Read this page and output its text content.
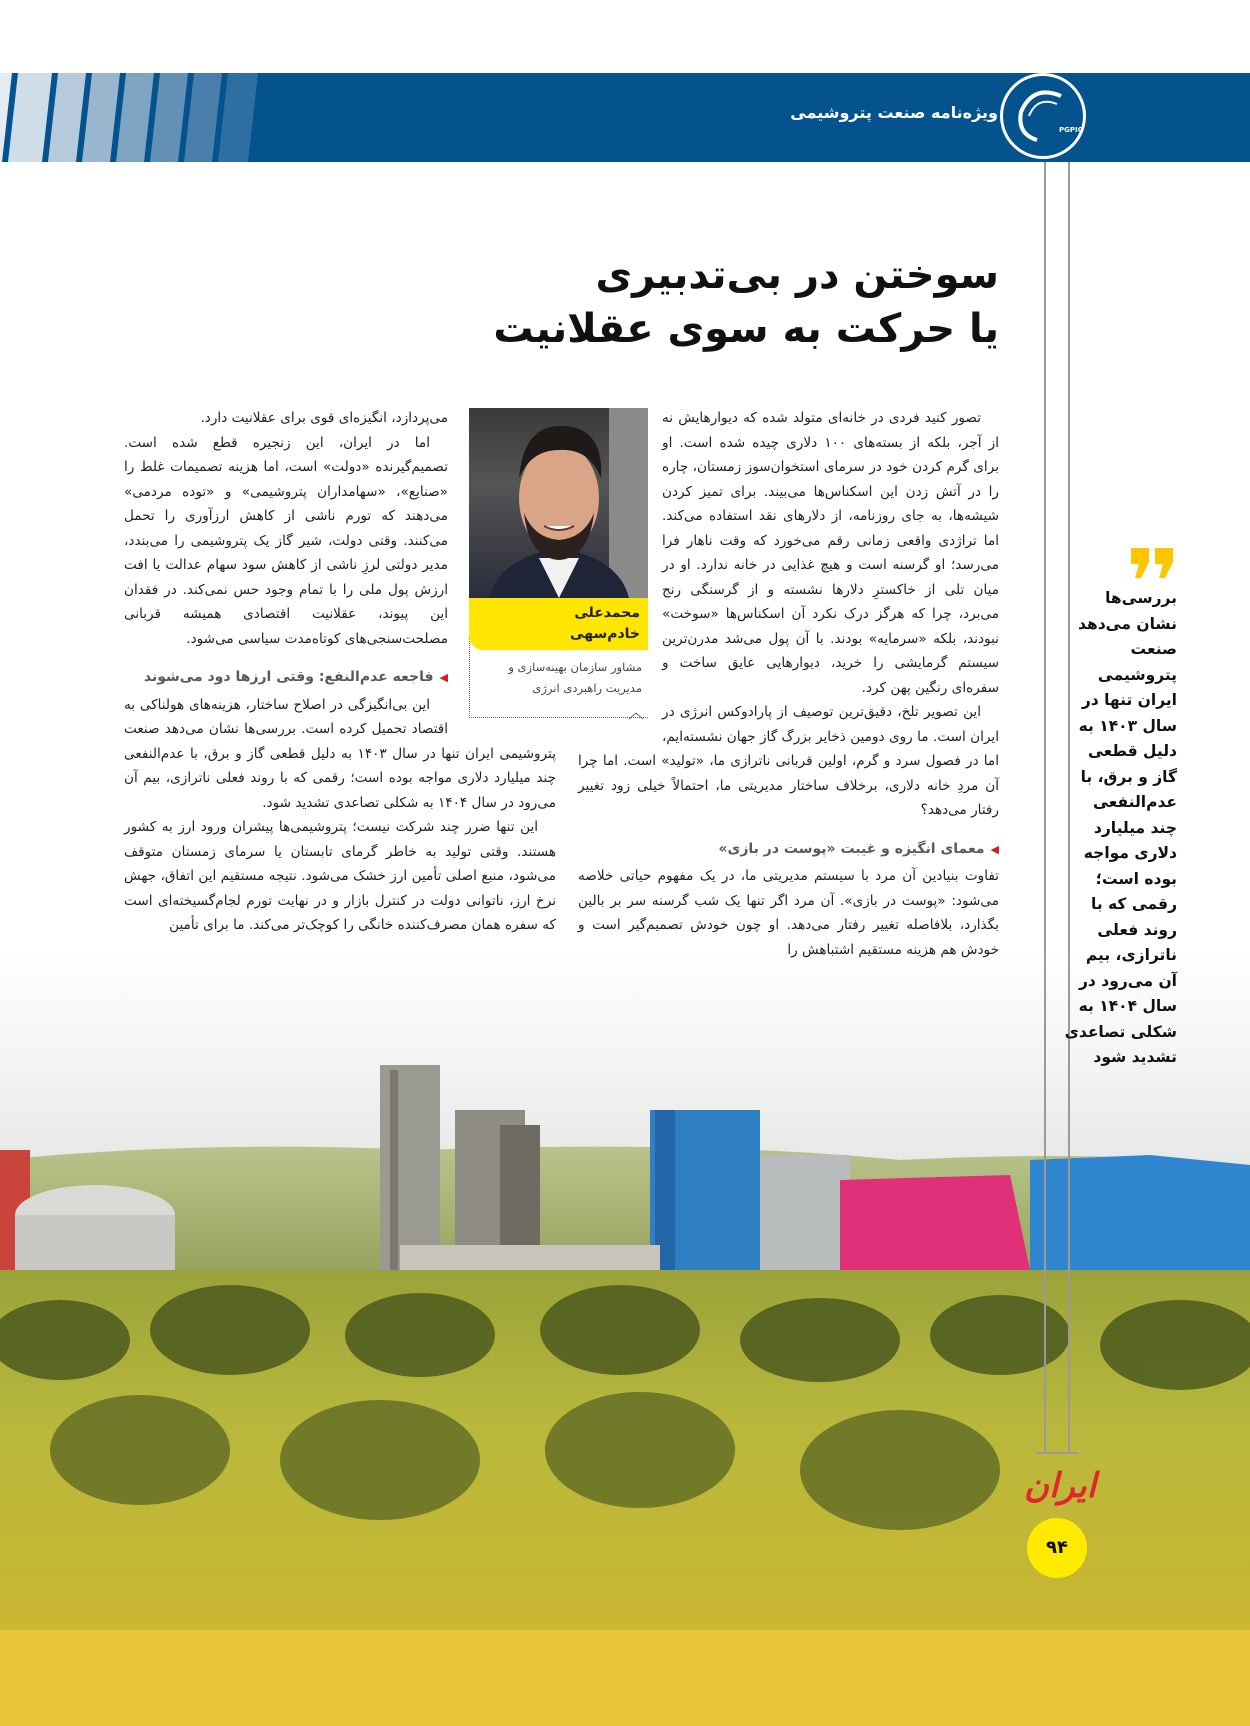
ویژه‌نامه صنعت پتروشیمی
PGPIC
سوختن در بی‌تدبیری
یا حرکت به سوی عقلانیت

تصور کنید فردی در خانه‌ای متولد شده که دیوارهایش نه از آجر، بلکه از بسته‌های ۱۰۰ دلاری چیده شده است. او برای گرم کردن خود در سرمای استخوان‌سوز زمستان، چاره را در آتش زدن این اسکناس‌ها می‌بیند. برای تمیز کردن شیشه‌ها، به جای روزنامه، از دلارهای نقد استفاده می‌کند. اما تراژدی واقعی زمانی رقم می‌خورد که وقت ناهار فرا می‌رسد؛ او گرسنه است و هیچ غذایی در خانه ندارد. او در میان تلی از خاکسترِ دلارها نشسته و از گرسنگی رنج می‌برد، چرا که هرگز درک نکرد آن اسکناس‌ها «سوخت» نبودند، بلکه «سرمایه» بودند. با آن پول می‌شد مدرن‌ترین سیستم گرمایشی را خرید، دیوارهایی عایق ساخت و سفره‌ای رنگین پهن کرد.

این تصویر تلخ، دقیق‌ترین توصیف از پارادوکس انرژی در ایران است. ما روی دومین ذخایر بزرگ گاز جهان نشسته‌ایم، اما در فصول سرد و گرم، اولین قربانی ناترازی ما، «تولید» است. اما چرا آن مردِ خانه دلاری، برخلاف ساختار مدیریتی ما، احتمالاً خیلی زود تغییر رفتار می‌دهد؟

◀معمای انگیزه و غیبت «پوست در بازی»

تفاوت بنیادین آن مرد با سیستم مدیریتی ما، در یک مفهوم حیاتی خلاصه می‌شود: «پوست در بازی». آن مرد اگر تنها یک شب گرسنه سر بر بالین بگذارد، بلافاصله تغییر رفتار می‌دهد. او چون خودش تصمیم‌گیر است و خودش هم هزینه مستقیم اشتباهش را

می‌پردازد، انگیزه‌ای قوی برای عقلانیت دارد.

اما در ایران، این زنجیره قطع شده است. تصمیم‌گیرنده «دولت» است، اما هزینه تصمیمات غلط را «صنایع»، «سهامداران پتروشیمی» و «توده مردمی» می‌دهند که تورم ناشی از کاهش ارزآوری را تحمل می‌کنند. وقتی دولت، شیر گاز یک پتروشیمی را می‌بندد، مدیر دولتی لرزِ ناشی از کاهش سود سهام عدالت یا افت ارزش پول ملی را با تمام وجود حس نمی‌کند. در فقدان این پیوند، عقلانیت اقتصادی همیشه قربانی مصلحت‌سنجی‌های کوتاه‌مدت سیاسی می‌شود.

◀فاجعه عدم‌النفع: وقتی ارزها دود می‌شوند

این بی‌انگیزگی در اصلاح ساختار، هزینه‌های هولناکی به اقتصاد تحمیل کرده است. بررسی‌ها نشان می‌دهد صنعت پتروشیمی ایران تنها در سال ۱۴۰۳ به دلیل قطعی گاز و برق، با عدم‌النفعی چند میلیارد دلاری مواجه بوده است؛ رقمی که با روند فعلی ناترازی، بیم آن می‌رود در سال ۱۴۰۴ به شکلی تصاعدی تشدید شود.

این تنها ضرر چند شرکت نیست؛ پتروشیمی‌ها پیشران ورود ارز به کشور هستند. وقتی تولید به خاطر گرمای تابستان یا سرمای زمستان متوقف می‌شود، منبع اصلی تأمین ارز خشک می‌شود. نتیجه مستقیم این اتفاق، جهش نرخ ارز، ناتوانی دولت در کنترل بازار و در نهایت تورم لجام‌گسیخته‌ای است که سفره همان مصرف‌کننده خانگی را کوچک‌تر می‌کند. ما برای تأمین

محمدعلی
خادم‌سهی
مشاور سازمان بهینه‌سازی و مدیریت راهبردی انرژی
︿
بررسی‌ها نشان می‌دهد صنعت پتروشیمی ایران تنها در سال ۱۴۰۳ به دلیل قطعی گاز و برق، با عدم‌النفعی چند میلیارد دلاری مواجه بوده است؛ رقمی که با روند فعلی ناترازی، بیم آن می‌رود در سال ۱۴۰۴ به شکلی تصاعدی تشدید شود
ایران
۹۴
